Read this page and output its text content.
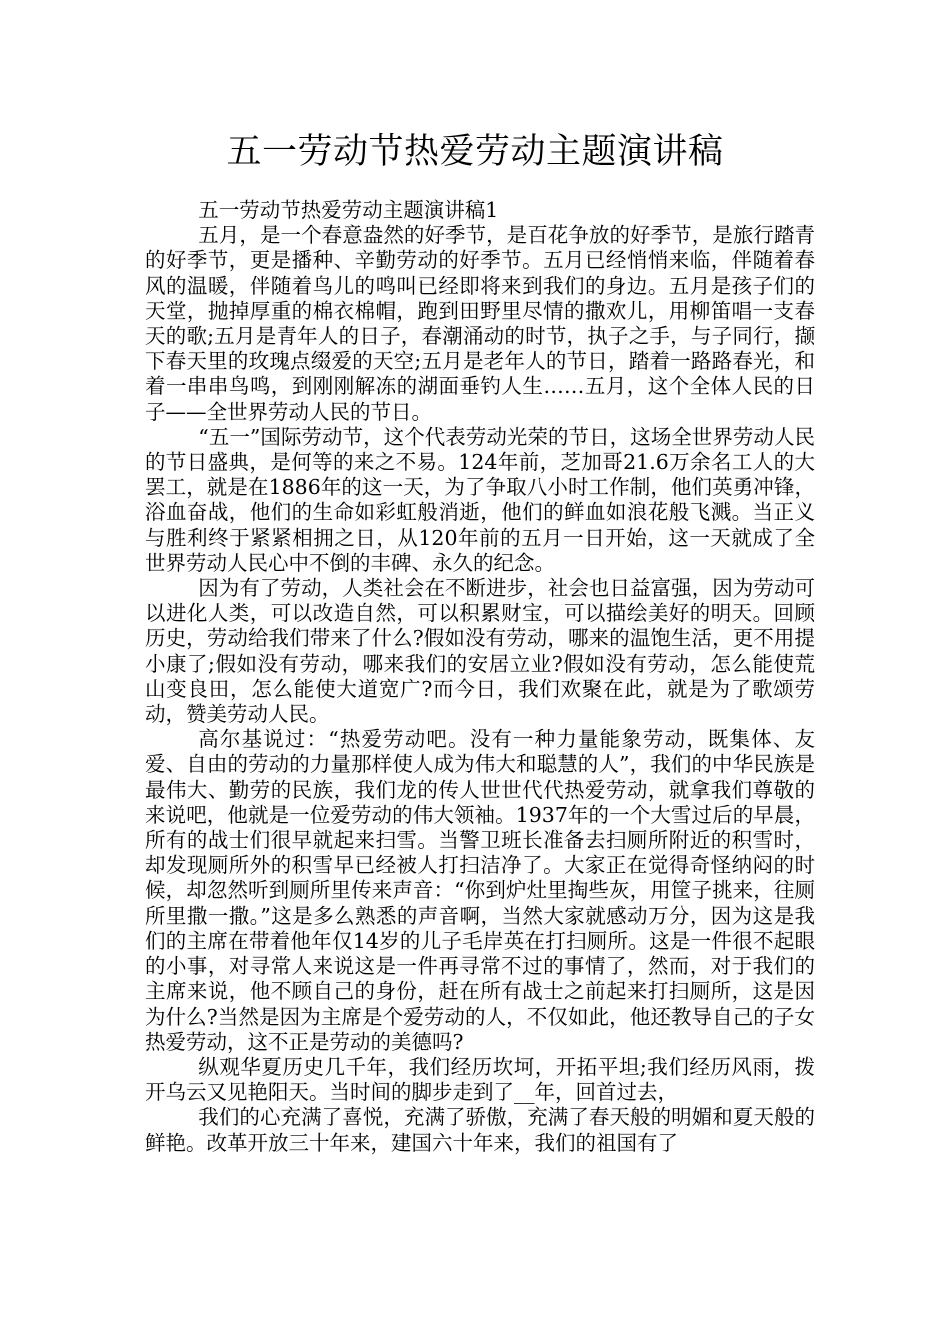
五一劳动节热爱劳动主题演讲稿

五一劳动节热爱劳动主题演讲稿1

五月，是一个春意盎然的好季节，是百花争放的好季节，是旅行踏青的好季节，更是播种、辛勤劳动的好季节。五月已经悄悄来临，伴随着春风的温暖，伴随着鸟儿的鸣叫已经即将来到我们的身边。五月是孩子们的天堂，抛掉厚重的棉衣棉帽，跑到田野里尽情的撒欢儿，用柳笛唱一支春天的歌;五月是青年人的日子，春潮涌动的时节，执子之手，与子同行，撷下春天里的玫瑰点缀爱的天空;五月是老年人的节日，踏着一路路春光，和着一串串鸟鸣，到刚刚解冻的湖面垂钓人生……五月，这个全体人民的日子——全世界劳动人民的节日。

“五一”国际劳动节，这个代表劳动光荣的节日，这场全世界劳动人民的节日盛典，是何等的来之不易。124年前，芝加哥21.6万余名工人的大罢工，就是在1886年的这一天，为了争取八小时工作制，他们英勇冲锋，浴血奋战，他们的生命如彩虹般消逝，他们的鲜血如浪花般飞溅。当正义与胜利终于紧紧相拥之日，从120年前的五月一日开始，这一天就成了全世界劳动人民心中不倒的丰碑、永久的纪念。

因为有了劳动，人类社会在不断进步，社会也日益富强，因为劳动可以进化人类，可以改造自然，可以积累财宝，可以描绘美好的明天。回顾历史，劳动给我们带来了什么?假如没有劳动，哪来的温饱生活，更不用提小康了;假如没有劳动，哪来我们的安居立业?假如没有劳动，怎么能使荒山变良田，怎么能使大道宽广?而今日，我们欢聚在此，就是为了歌颂劳动，赞美劳动人民。

高尔基说过：“热爱劳动吧。没有一种力量能象劳动，既集体、友爱、自由的劳动的力量那样使人成为伟大和聪慧的人”，我们的中华民族是最伟大、勤劳的民族，我们龙的传人世世代代热爱劳动，就拿我们尊敬的来说吧，他就是一位爱劳动的伟大领袖。1937年的一个大雪过后的早晨，所有的战士们很早就起来扫雪。当警卫班长准备去扫厕所附近的积雪时，却发现厕所外的积雪早已经被人打扫洁净了。大家正在觉得奇怪纳闷的时候，却忽然听到厕所里传来声音：“你到炉灶里掏些灰，用筐子挑来，往厕所里撒一撒。”这是多么熟悉的声音啊，当然大家就感动万分，因为这是我们的主席在带着他年仅14岁的儿子毛岸英在打扫厕所。这是一件很不起眼的小事，对寻常人来说这是一件再寻常不过的事情了，然而，对于我们的主席来说，他不顾自己的身份，赶在所有战士之前起来打扫厕所，这是因为什么?当然是因为主席是个爱劳动的人，不仅如此，他还教导自己的子女热爱劳动，这不正是劳动的美德吗?

纵观华夏历史几千年，我们经历坎坷，开拓平坦;我们经历风雨，拨开乌云又见艳阳天。当时间的脚步走到了__年，回首过去，

我们的心充满了喜悦，充满了骄傲，充满了春天般的明媚和夏天般的鲜艳。改革开放三十年来，建国六十年来，我们的祖国有了
